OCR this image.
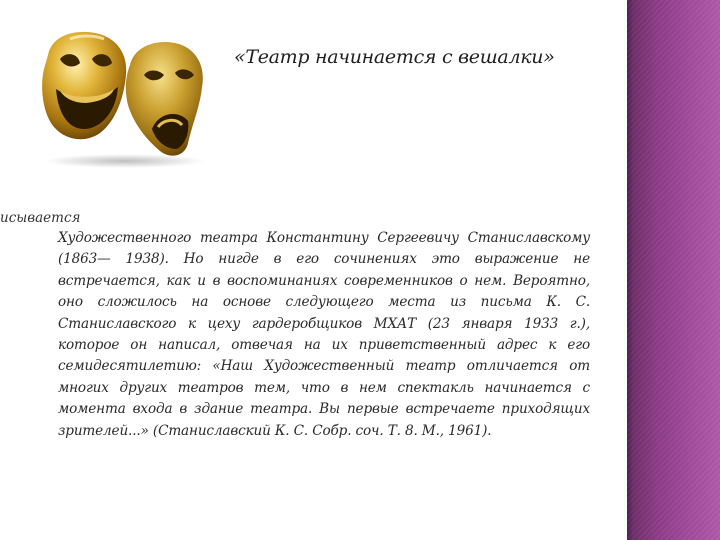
«Театр начинается с вешалки»
исывается
Художественного театра Константину Сергеевичу Станиславскому (1863— 1938). Но нигде в его сочинениях это выражение не встречается, как и в воспоминаниях современников о нем. Вероятно, оно сложилось на основе следующего места из письма К. С. Станиславского к цеху гардеробщиков МХАТ (23 января 1933 г.), которое он написал, отвечая на их приветственный адрес к его семидесятилетию: «Наш Художественный театр отличается от многих других театров тем, что в нем спектакль начинается с момента входа в здание театра. Вы первые встречаете приходящих зрителей...» (Станиславский К. С. Собр. соч. Т. 8. М., 1961).
